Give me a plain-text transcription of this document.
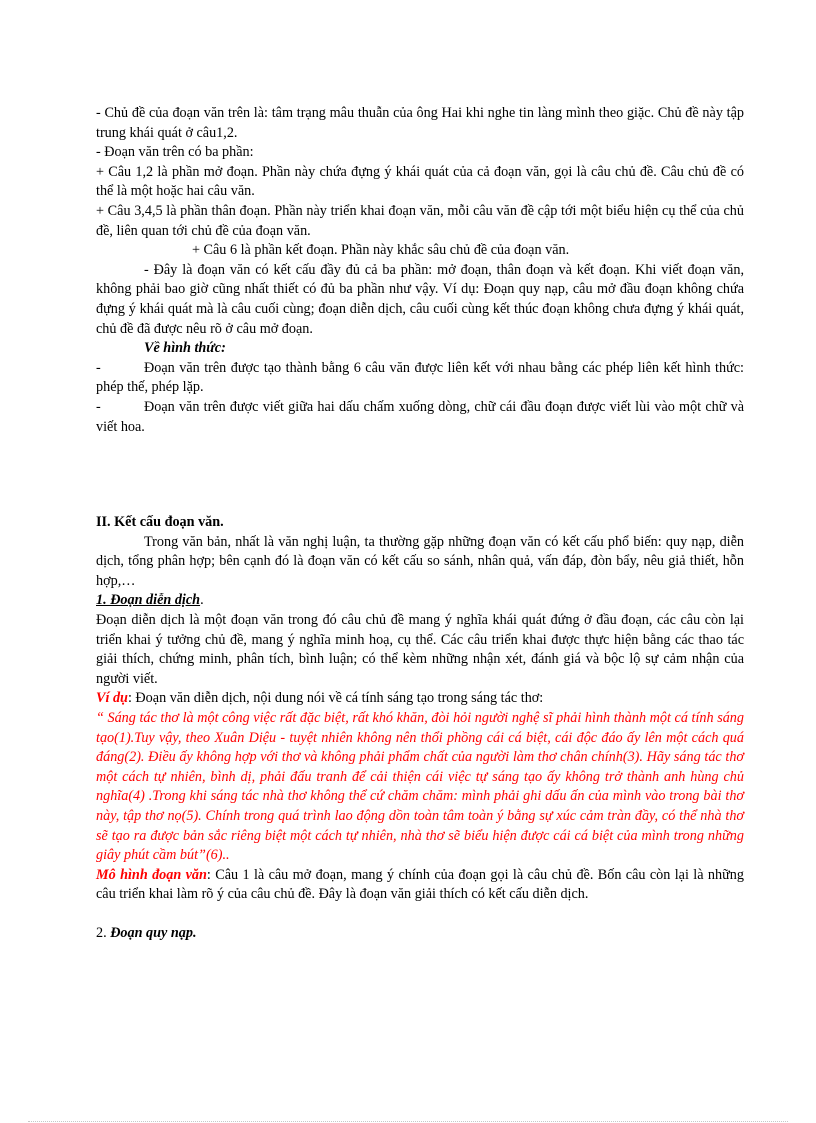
- Chủ đề của đoạn văn trên là: tâm trạng mâu thuẫn của ông Hai khi nghe tin làng mình theo giặc. Chủ đề này tập trung khái quát ở câu1,2.

- Đoạn văn trên có ba phần:

+ Câu 1,2 là phần mở đoạn. Phần này chứa đựng ý khái quát của cả đoạn văn, gọi là câu chủ đề. Câu chủ đề có thể là một hoặc hai câu văn.

+ Câu 3,4,5 là phần thân đoạn. Phần này triển khai đoạn văn, mỗi câu văn đề cập tới một biểu hiện cụ thể của chủ đề, liên quan tới chủ đề của đoạn văn.

+ Câu 6 là phần kết đoạn. Phần này khắc sâu chủ đề của đoạn văn.

- Đây là đoạn văn có kết cấu đầy đủ cả ba phần: mở đoạn, thân đoạn và kết đoạn. Khi viết đoạn văn, không phải bao giờ cũng nhất thiết có đủ ba phần như vậy. Ví dụ: Đoạn quy nạp, câu mở đầu đoạn không chứa đựng ý khái quát mà là câu cuối cùng; đoạn diễn dịch, câu cuối cùng kết thúc đoạn không chưa đựng ý khái quát, chủ đề đã được nêu rõ ở câu mở đoạn.

Về hình thức:

-	Đoạn văn trên được tạo thành bằng 6 câu văn được liên kết với nhau bằng các phép liên kết hình thức: phép thế, phép lặp.

-	Đoạn văn trên được viết giữa hai dấu chấm xuống dòng, chữ cái đầu đoạn được viết lùi vào một chữ và viết hoa.

II. Kết cấu đoạn văn.

Trong văn bản, nhất là văn nghị luận, ta thường gặp những đoạn văn có kết cấu phổ biến: quy nạp, diễn dịch, tổng phân hợp; bên cạnh đó là đoạn văn có kết cấu so sánh, nhân quả, vấn đáp, đòn bẩy, nêu giả thiết, hỗn hợp,…

1. Đoạn diễn dịch.

Đoạn diễn dịch là một đoạn văn trong đó câu chủ đề mang ý nghĩa khái quát đứng ở đầu đoạn, các câu còn lại triển khai ý tưởng chủ đề, mang ý nghĩa minh hoạ, cụ thể. Các câu triển khai được thực hiện bằng các thao tác giải thích, chứng minh, phân tích, bình luận; có thể kèm những nhận xét, đánh giá và bộc lộ sự cảm nhận của người viết.

Ví dụ: Đoạn văn diễn dịch, nội dung nói về cá tính sáng tạo trong sáng tác thơ:

“ Sáng tác thơ là một công việc rất đặc biệt, rất khó khăn, đòi hỏi người nghệ sĩ phải hình thành một cá tính sáng tạo(1).Tuy vậy, theo Xuân Diệu - tuyệt nhiên không nên thổi phồng cái cá biệt, cái độc đáo ấy lên một cách quá đáng(2). Điều ấy không hợp với thơ và không phải phẩm chất của người làm thơ chân chính(3). Hãy sáng tác thơ một cách tự nhiên, bình dị, phải đấu tranh để cải thiện cái việc tự sáng tạo ấy không trở thành anh hùng chủ nghĩa(4) .Trong khi sáng tác nhà thơ không thể cứ chăm chăm: mình phải ghi dấu ấn của mình vào trong bài thơ này, tập thơ nọ(5). Chính trong quá trình lao động dồn toàn tâm toàn ý bằng sự xúc cảm tràn đầy, có thể nhà thơ sẽ tạo ra được bản sắc riêng biệt một cách tự nhiên, nhà thơ sẽ biểu hiện được cái cá biệt của mình trong những giây phút cầm bút”(6)..

Mô hình đoạn văn: Câu 1 là câu mở đoạn, mang ý chính của đoạn gọi là câu chủ đề. Bốn câu còn lại là những câu triển khai làm rõ ý của câu chủ đề. Đây là đoạn văn giải thích có kết cấu diễn dịch.

2. Đoạn quy nạp.
